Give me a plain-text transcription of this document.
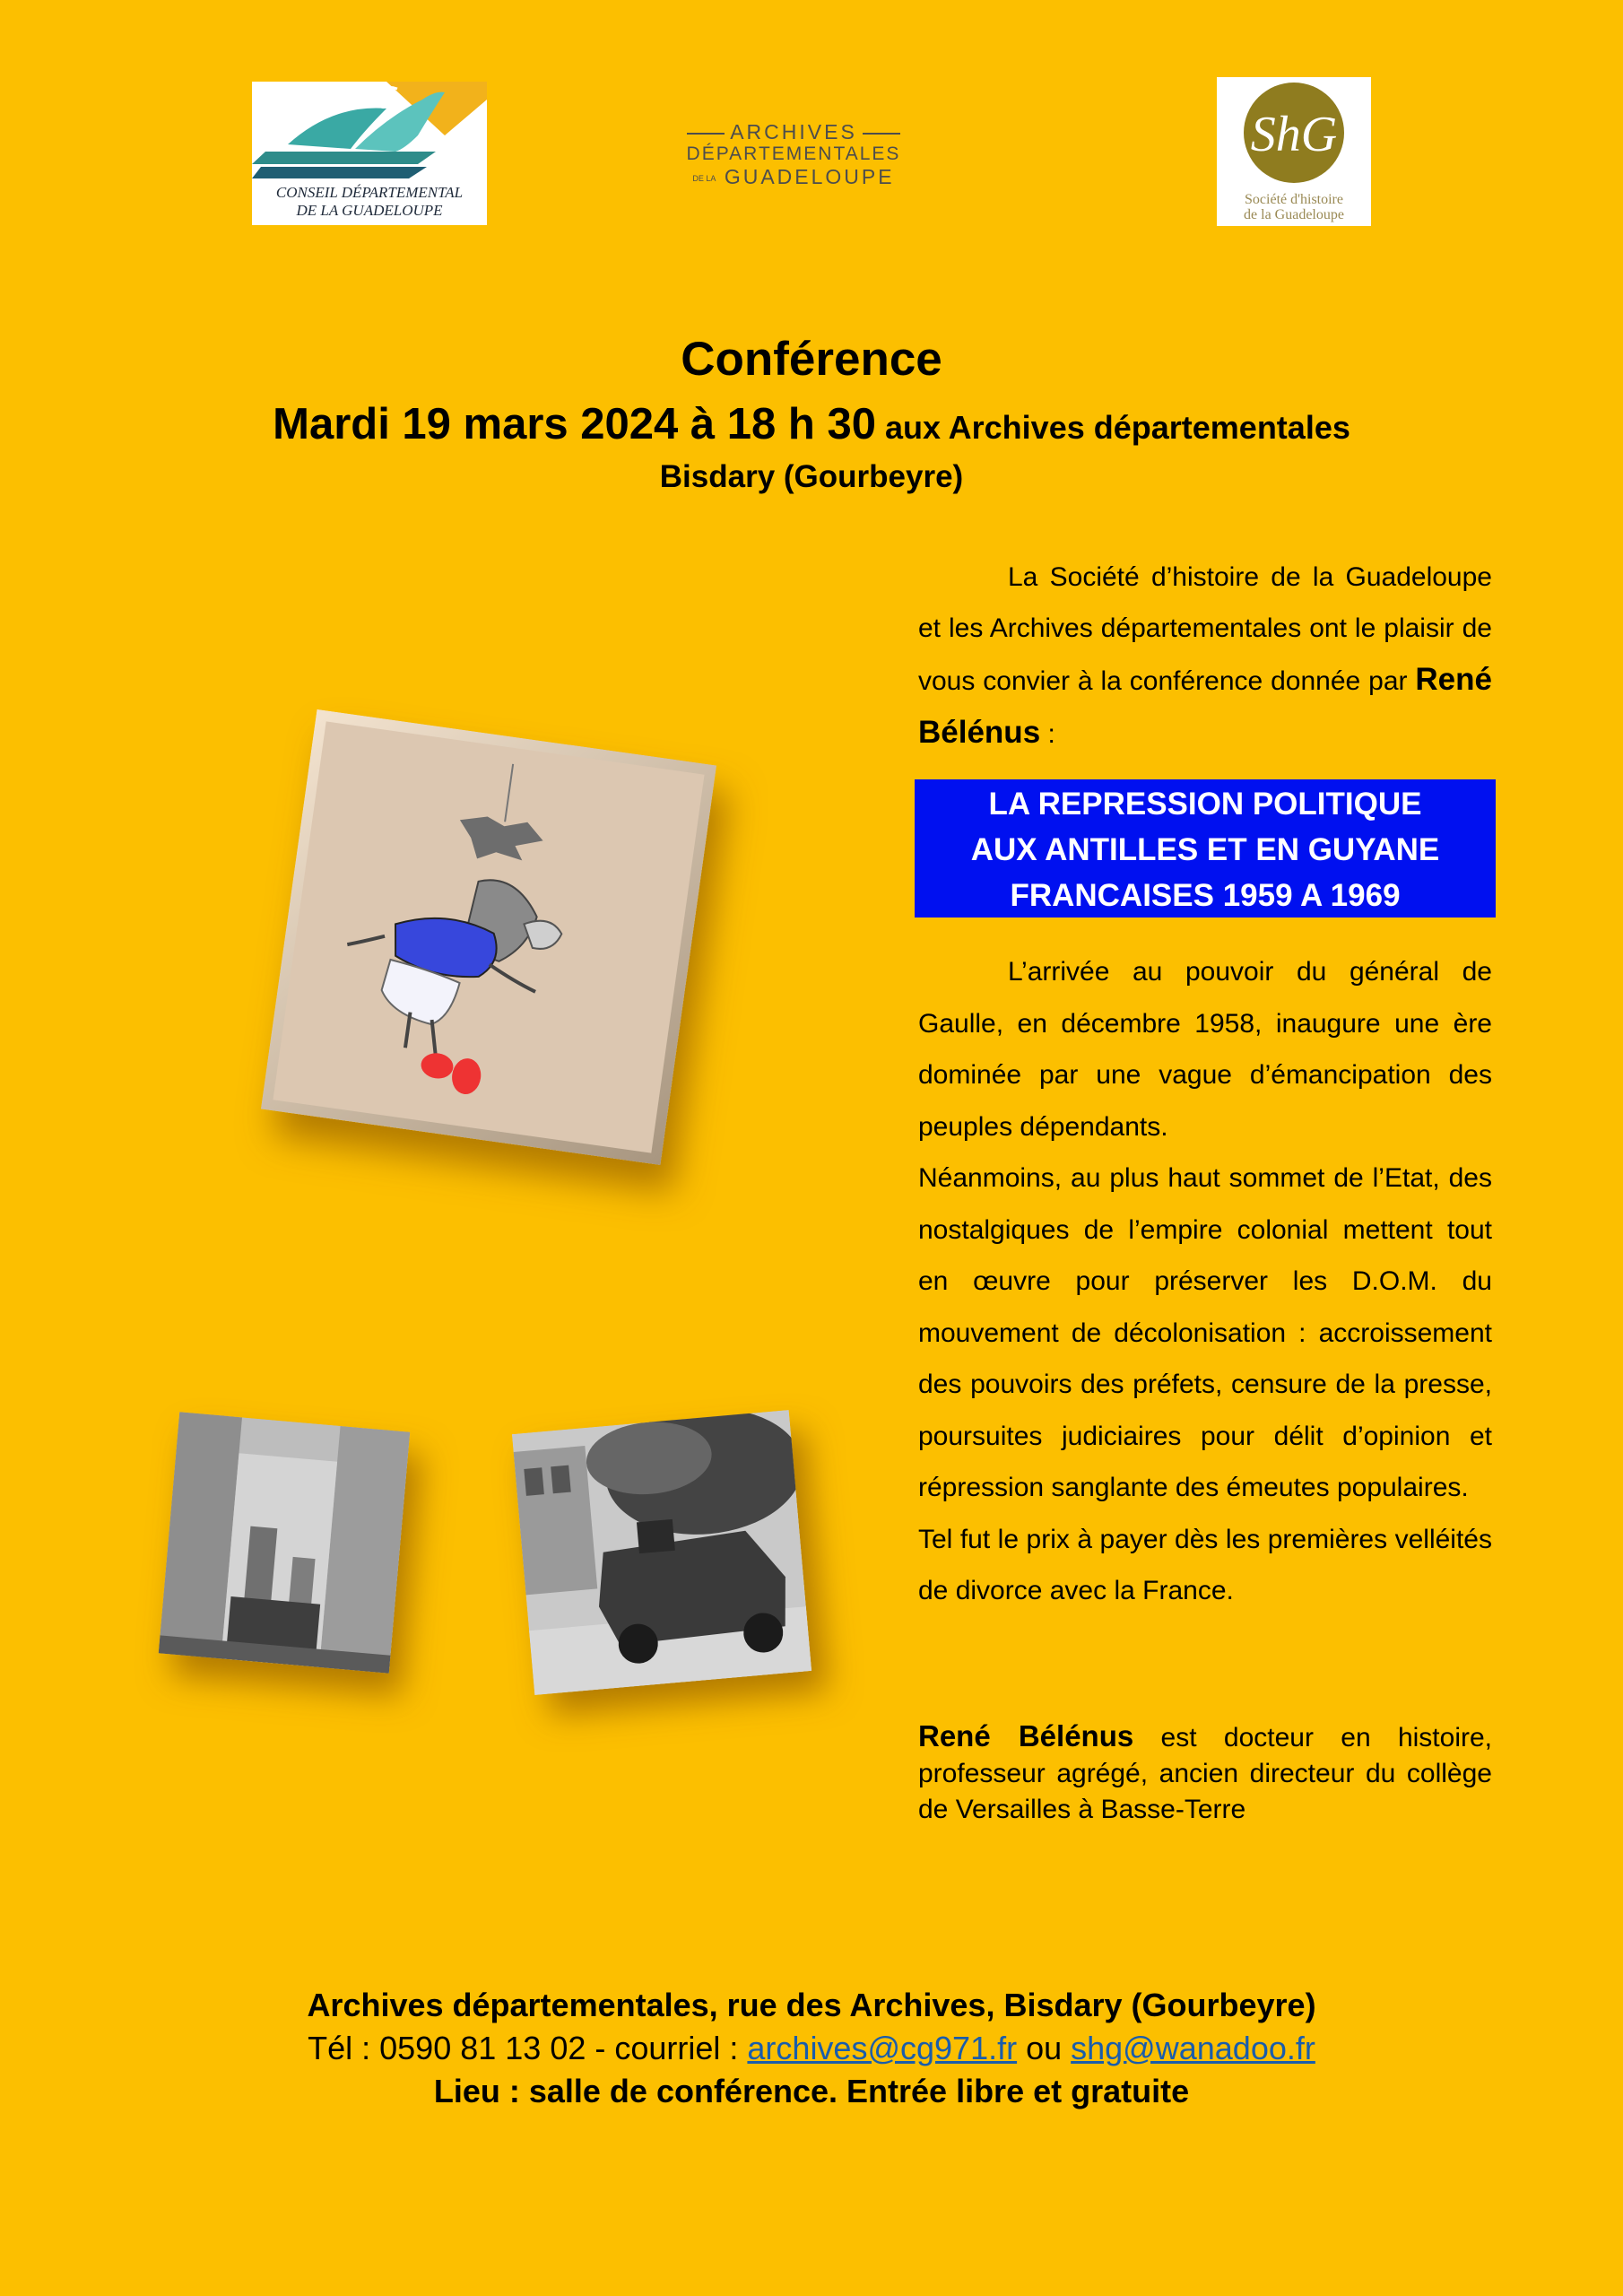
CONSEIL DÉPARTEMENTAL
DE LA GUADELOUPE
ARCHIVES
DÉPARTEMENTALES
DE LA GUADELOUPE
ShG
Société d'histoire
de la Guadeloupe
Conférence
Mardi 19 mars 2024 à 18 h 30 aux Archives départementales
Bisdary (Gourbeyre)
La Société d’histoire de la Guadeloupe et les Archives départementales ont le plaisir de vous convier à la conférence donnée par René Bélénus :
LA REPRESSION POLITIQUE
AUX ANTILLES ET EN GUYANE
FRANCAISES 1959 A 1969
L’arrivée au pouvoir du général de Gaulle, en décembre 1958, inaugure une ère dominée par une vague d’émancipation des peuples dépendants.
Néanmoins, au plus haut sommet de l’Etat, des nostalgiques de l’empire colonial mettent tout en œuvre pour préserver les D.O.M. du mouvement de décolonisation : accroissement des pouvoirs des préfets, censure de la presse, poursuites judiciaires pour délit d’opinion et répression sanglante des émeutes populaires.
Tel fut le prix à payer dès les premières velléités de divorce avec la France.
René Bélénus est docteur en histoire, professeur agrégé, ancien directeur du collège de Versailles à Basse-Terre
Archives départementales, rue des Archives, Bisdary (Gourbeyre)
Tél : 0590 81 13 02 - courriel : archives@cg971.fr ou shg@wanadoo.fr
Lieu : salle de conférence. Entrée libre et gratuite
